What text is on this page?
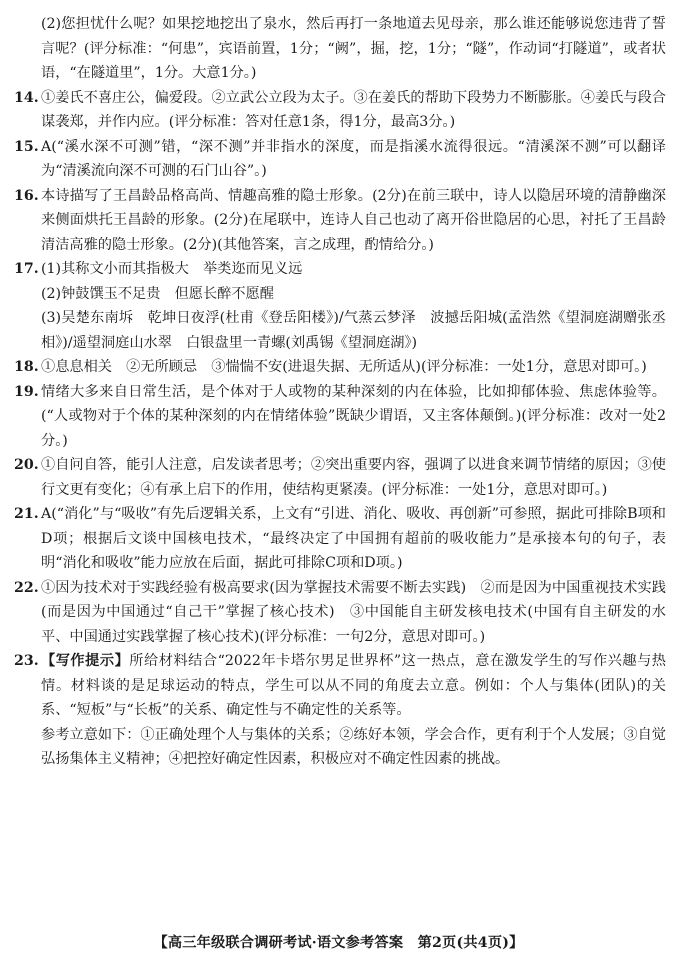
(2)您担忧什么呢？如果挖地挖出了泉水，然后再打一条地道去见母亲，那么谁还能够说您违背了誓言呢？(评分标准：“何患”，宾语前置，1分；“阙”，掘，挖，1分；“隧”，作动词“打隧道”，或者状语，“在隧道里”，1分。大意1分。)
14. ①姜氏不喜庄公，偏爱段。②立武公立段为太子。③在姜氏的帮助下段势力不断膨胀。④姜氏与段合谋袭郑，并作内应。(评分标准：答对任意1条，得1分，最高3分。)
15. A(“溪水深不可测”错，“深不测”并非指水的深度，而是指溪水流得很远。“清溪深不测”可以翻译为“清溪流向深不可测的石门山谷”。)
16. 本诗描写了王昌龄品格高尚、情趣高雅的隐士形象。(2分)在前三联中，诗人以隐居环境的清静幽深来侧面烘托王昌龄的形象。(2分)在尾联中，连诗人自己也动了离开俗世隐居的心思，衬托了王昌龄清洁高雅的隐士形象。(2分)(其他答案，言之成理，酌情给分。)
17. (1)其称文小而其指极大　举类迩而见义远
(2)钟鼓馔玉不足贵　但愿长醉不愿醒
(3)吴楚东南坼　乾坤日夜浮(杜甫《登岳阳楼》)/气蒸云梦泽　波撼岳阳城(孟浩然《望洞庭湖赠张丞相》)/遥望洞庭山水翠　白银盘里一青螺(刘禹锡《望洞庭湖》)
18. ①息息相关　②无所顾忌　③惴惴不安(进退失据、无所适从)(评分标准：一处1分，意思对即可。)
19. 情绪大多来自日常生活，是个体对于人或物的某种深刻的内在体验，比如抑郁体验、焦虑体验等。(“人或物对于个体的某种深刻的内在情绪体验”既缺少谓语，又主客体颠倒。)(评分标准：改对一处2分。)
20. ①自问自答，能引人注意，启发读者思考；②突出重要内容，强调了以进食来调节情绪的原因；③使行文更有变化；④有承上启下的作用，使结构更紧凑。(评分标准：一处1分，意思对即可。)
21. A(“消化”与“吸收”有先后逻辑关系，上文有“引进、消化、吸收、再创新”可参照，据此可排除B项和D项；根据后文谈中国核电技术，“最终决定了中国拥有超前的吸收能力”是承接本句的句子，表明“消化和吸收”能力应放在后面，据此可排除C项和D项。)
22. ①因为技术对于实践经验有极高要求(因为掌握技术需要不断去实践)　②而是因为中国重视技术实践(而是因为中国通过“自己干”掌握了核心技术)　③中国能自主研发核电技术(中国有自主研发的水平、中国通过实践掌握了核心技术)(评分标准：一句2分，意思对即可。)
23. 【写作提示】所给材料结合“2022年卡塔尔男足世界杯”这一热点，意在激发学生的写作兴趣与热情。材料谈的是足球运动的特点，学生可以从不同的角度去立意。例如：个人与集体(团队)的关系、“短板”与“长板”的关系、确定性与不确定性的关系等。
参考立意如下：①正确处理个人与集体的关系；②练好本领，学会合作，更有利于个人发展；③自觉弘扬集体主义精神；④把控好确定性因素，积极应对不确定性因素的挑战。
【高三年级联合调研考试·语文参考答案　第2页(共4页)】
